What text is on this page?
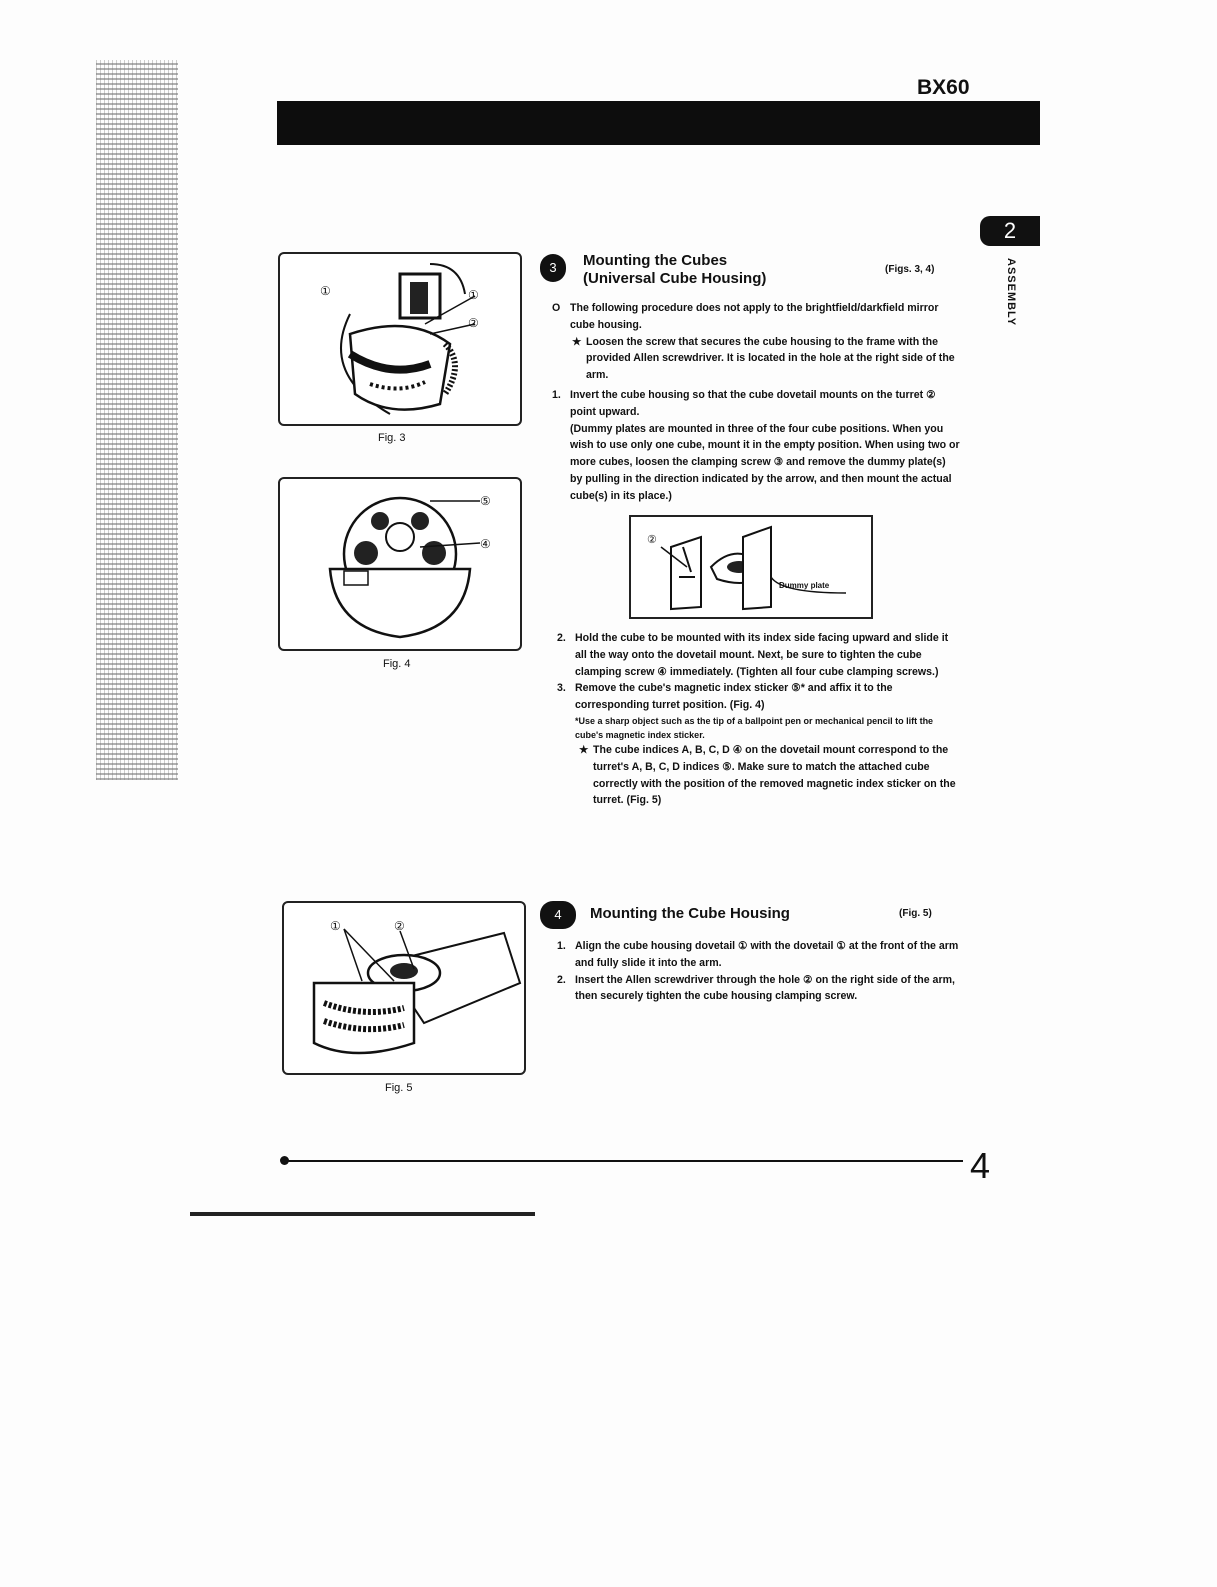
BX60
2
ASSEMBLY
①	①
②
Fig. 3
⑤
④
Fig. 4
①	②
Fig. 5
3	Mounting the Cubes
(Universal Cube Housing)
(Figs. 3, 4)

O The following procedure does not apply to the brightfield/darkfield mirror cube housing.

★ Loosen the screw that secures the cube housing to the frame with the provided Allen screwdriver. It is located in the hole at the right side of the arm.

1. Invert the cube housing so that the cube dovetail mounts on the turret ② point upward.

(Dummy plates are mounted in three of the four cube positions. When you wish to use only one cube, mount it in the empty position. When using two or more cubes, loosen the clamping screw ③ and remove the dummy plate(s) by pulling in the direction indicated by the arrow, and then mount the actual cube(s) in its place.)

②
Dummy plate

2. Hold the cube to be mounted with its index side facing upward and slide it all the way onto the dovetail mount. Next, be sure to tighten the cube clamping screw ④ immediately. (Tighten all four cube clamping screws.)

3. Remove the cube's magnetic index sticker ⑤* and affix it to the corresponding turret position. (Fig. 4)

*Use a sharp object such as the tip of a ballpoint pen or mechanical pencil to lift the cube's magnetic index sticker.

★ The cube indices A, B, C, D ④ on the dovetail mount correspond to the turret's A, B, C, D indices ⑤. Make sure to match the attached cube correctly with the position of the removed magnetic index sticker on the turret. (Fig. 5)

4	Mounting the Cube Housing	(Fig. 5)

1. Align the cube housing dovetail ① with the dovetail ① at the front of the arm and fully slide it into the arm.

2. Insert the Allen screwdriver through the hole ② on the right side of the arm, then securely tighten the cube housing clamping screw.

4
